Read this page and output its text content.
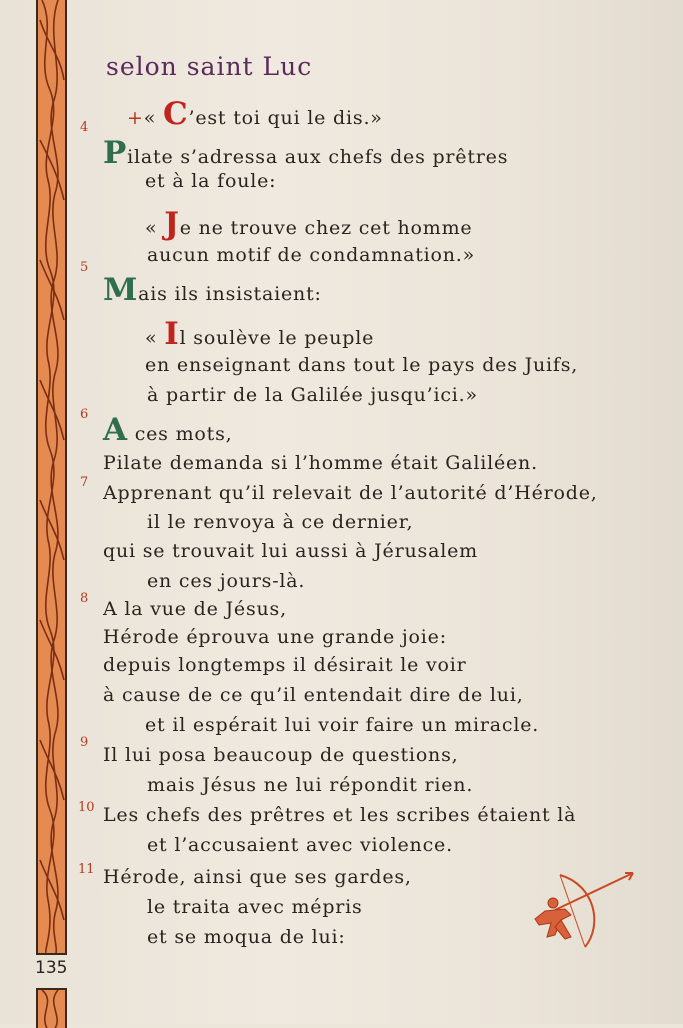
135
selon saint Luc
+« C’est toi qui le dis.»
4
Pilate s’adressa aux chefs des prêtres
et à la foule:
« Je ne trouve chez cet homme
aucun motif de condamnation.»
5
Mais ils insistaient:
« Il soulève le peuple
en enseignant dans tout le pays des Juifs,
à partir de la Galilée jusqu’ici.»
6 A ces mots,
Pilate demanda si l’homme était Galiléen.
7 Apprenant qu’il relevait de l’autorité d’Hérode,
il le renvoya à ce dernier,
qui se trouvait lui aussi à Jérusalem
en ces jours-là.
8 A la vue de Jésus,
Hérode éprouva une grande joie:
depuis longtemps il désirait le voir
à cause de ce qu’il entendait dire de lui,
et il espérait lui voir faire un miracle.
9
Il lui posa beaucoup de questions,
mais Jésus ne lui répondit rien.
10 Les chefs des prêtres et les scribes étaient là
et l’accusaient avec violence.
11 Hérode, ainsi que ses gardes,
le traita avec mépris
et se moqua de lui:
